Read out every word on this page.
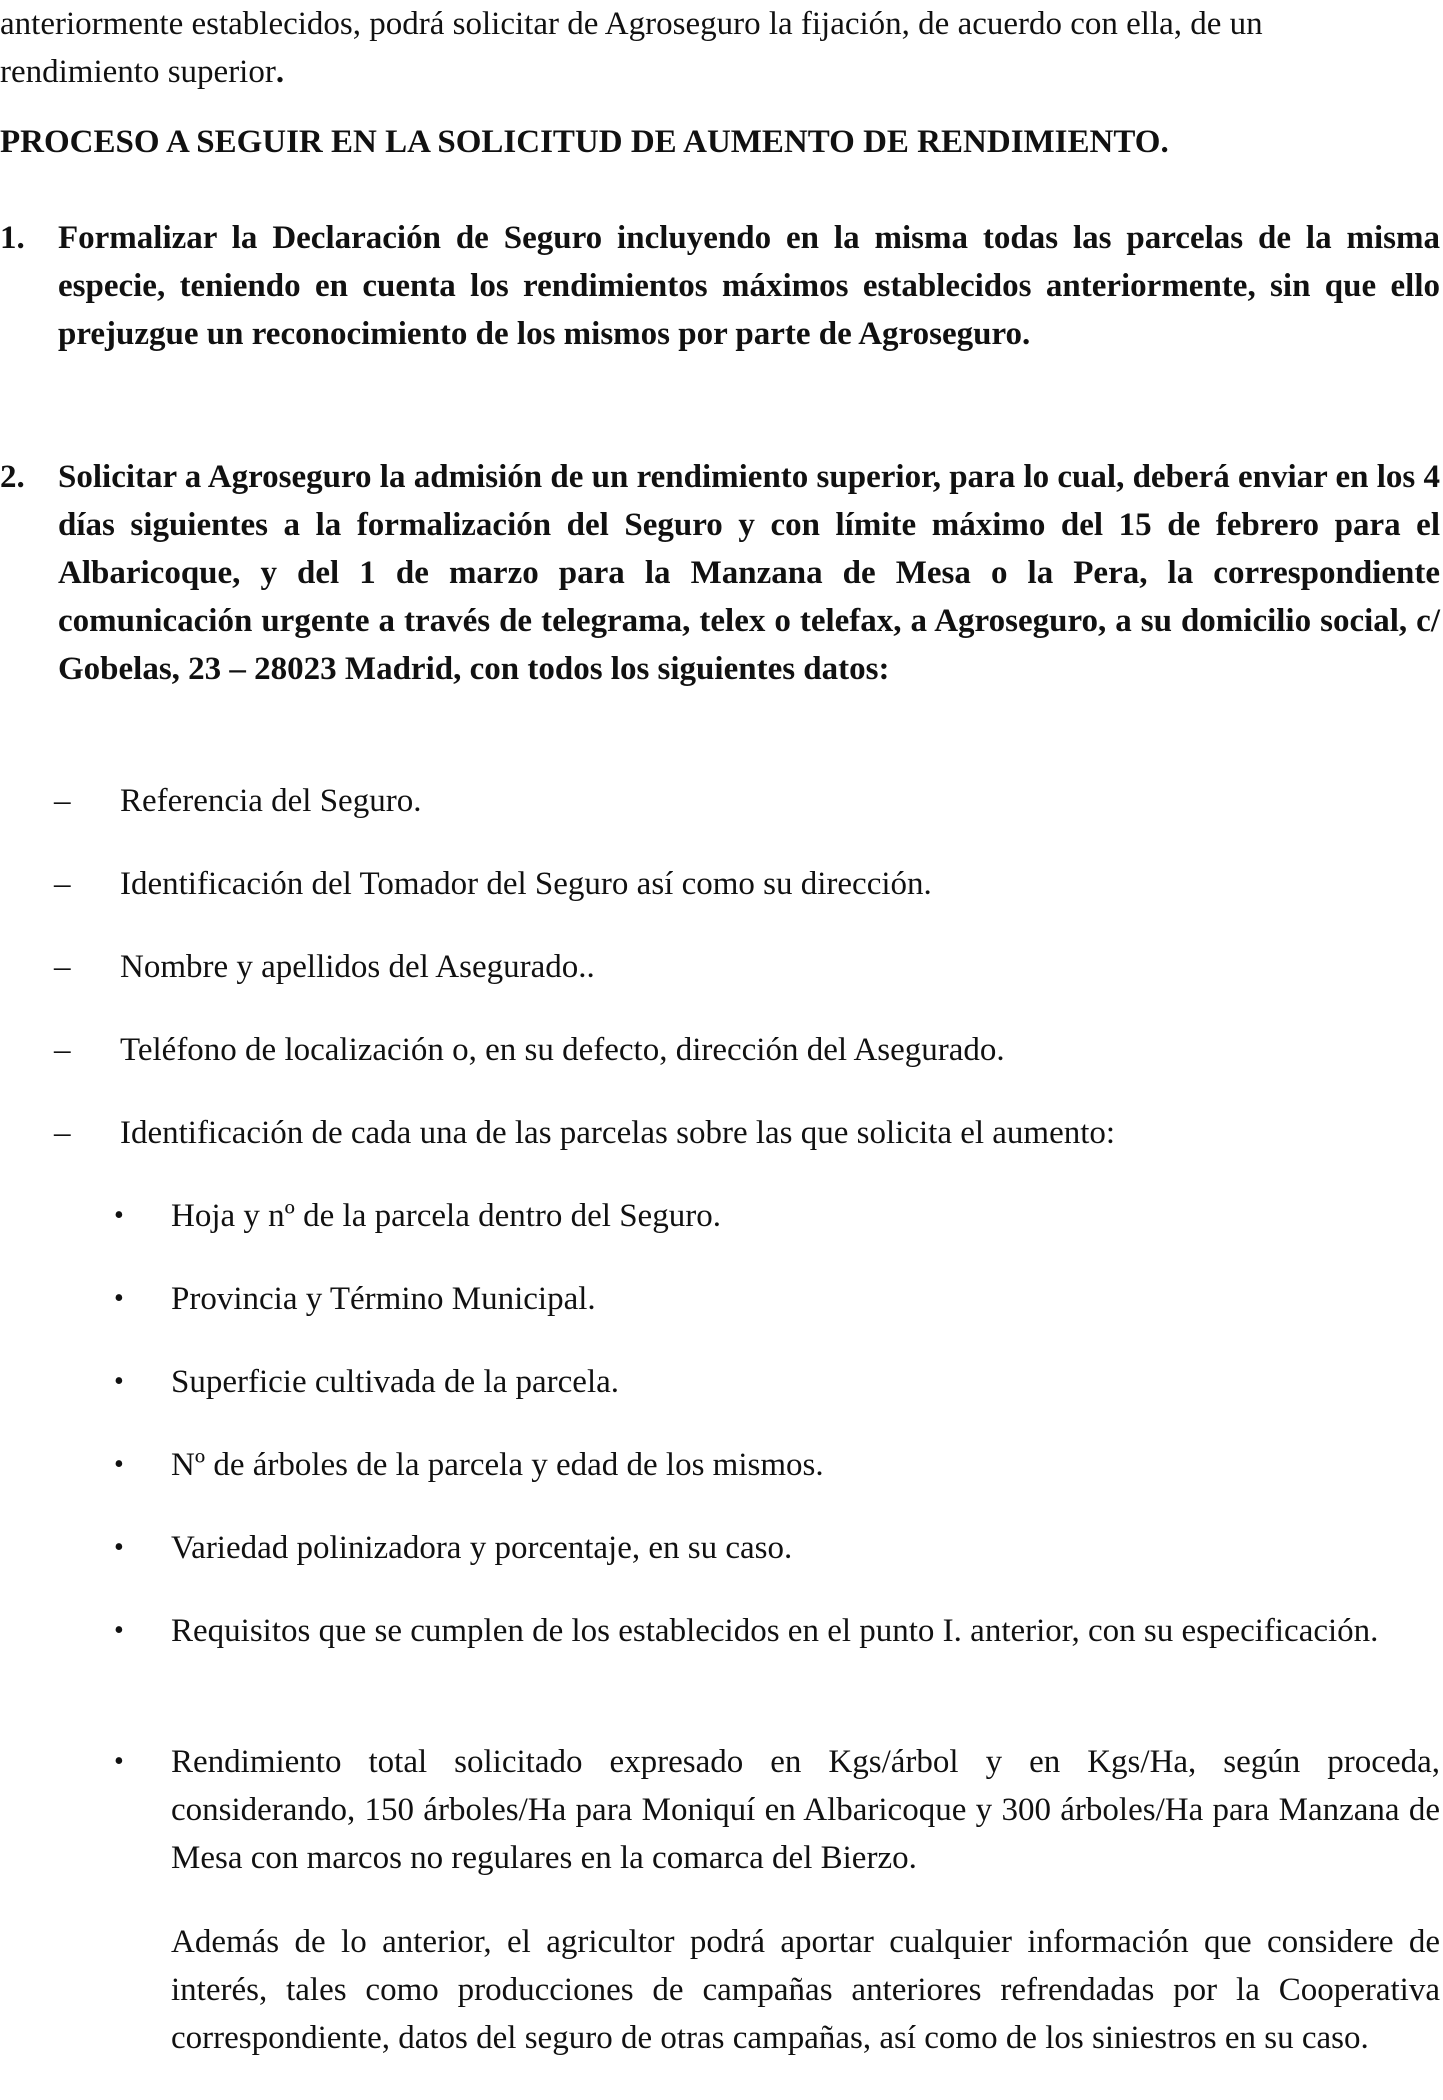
anteriormente establecidos, podrá solicitar de Agroseguro la fijación, de acuerdo con ella, de un
rendimiento superior.
PROCESO A SEGUIR EN LA SOLICITUD DE AUMENTO DE RENDIMIENTO.
1. Formalizar la Declaración de Seguro incluyendo en la misma todas las parcelas de la misma especie, teniendo en cuenta los rendimientos máximos establecidos anteriormente, sin que ello prejuzgue un reconocimiento de los mismos por parte de Agroseguro.
2. Solicitar a Agroseguro la admisión de un rendimiento superior, para lo cual, deberá enviar en los 4 días siguientes a la formalización del Seguro y con límite máximo del 15 de febrero para el Albaricoque, y del 1 de marzo para la Manzana de Mesa o la Pera, la correspondiente comunicación urgente a través de telegrama, telex o telefax, a Agroseguro, a su domicilio social, c/ Gobelas, 23 – 28023 Madrid, con todos los siguientes datos:
– Referencia del Seguro.
– Identificación del Tomador del Seguro así como su dirección.
– Nombre y apellidos del Asegurado..
– Teléfono de localización o, en su defecto, dirección del Asegurado.
– Identificación de cada una de las parcelas sobre las que solicita el aumento:
• Hoja y nº de la parcela dentro del Seguro.
• Provincia y Término Municipal.
• Superficie cultivada de la parcela.
• Nº de árboles de la parcela y edad de los mismos.
• Variedad polinizadora y porcentaje, en su caso.
• Requisitos que se cumplen de los establecidos en el punto I. anterior, con su especificación.
• Rendimiento total solicitado expresado en Kgs/árbol y en Kgs/Ha, según proceda, considerando, 150 árboles/Ha para Moniquí en Albaricoque y 300 árboles/Ha para Manzana de Mesa con marcos no regulares en la comarca del Bierzo.
Además de lo anterior, el agricultor podrá aportar cualquier información que considere de interés, tales como producciones de campañas anteriores refrendadas por la Cooperativa correspondiente, datos del seguro de otras campañas, así como de los siniestros en su caso.
